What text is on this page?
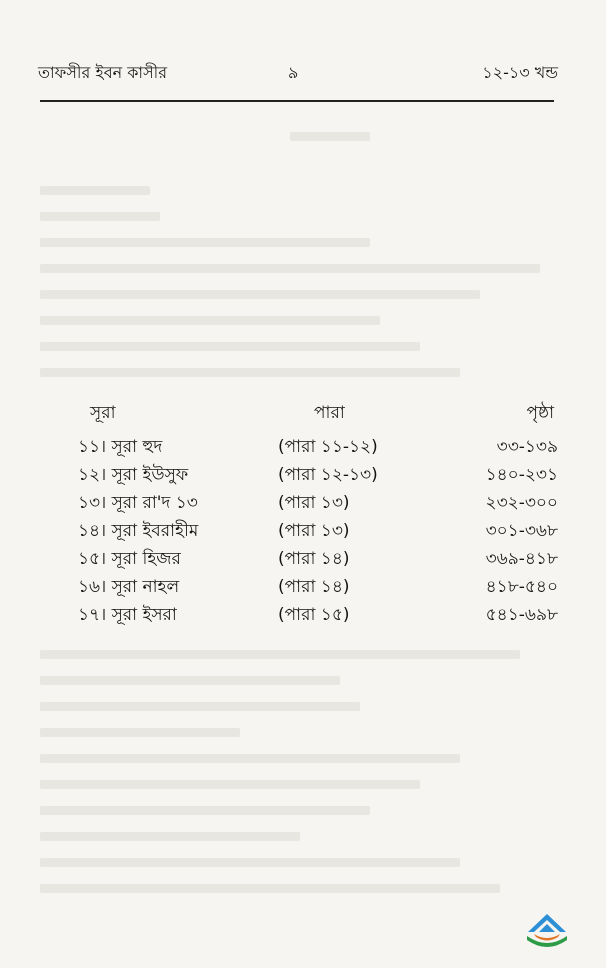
তাফসীর ইবন কাসীর	৯	১২-১৩ খন্ড
সূরা	পারা	পৃষ্ঠা
১১। সূরা হুদ	(পারা ১১-১২)	৩৩-১৩৯
১২। সূরা ইউসুফ	(পারা ১২-১৩)	১৪০-২৩১
১৩। সূরা রা'দ ১৩	(পারা ১৩)	২৩২-৩০০
১৪। সূরা ইবরাহীম	(পারা ১৩)	৩০১-৩৬৮
১৫। সূরা হিজর	(পারা ১৪)	৩৬৯-৪১৮
১৬। সূরা নাহল	(পারা ১৪)	৪১৮-৫৪০
১৭। সূরা ইসরা	(পারা ১৫)	৫৪১-৬৯৮
